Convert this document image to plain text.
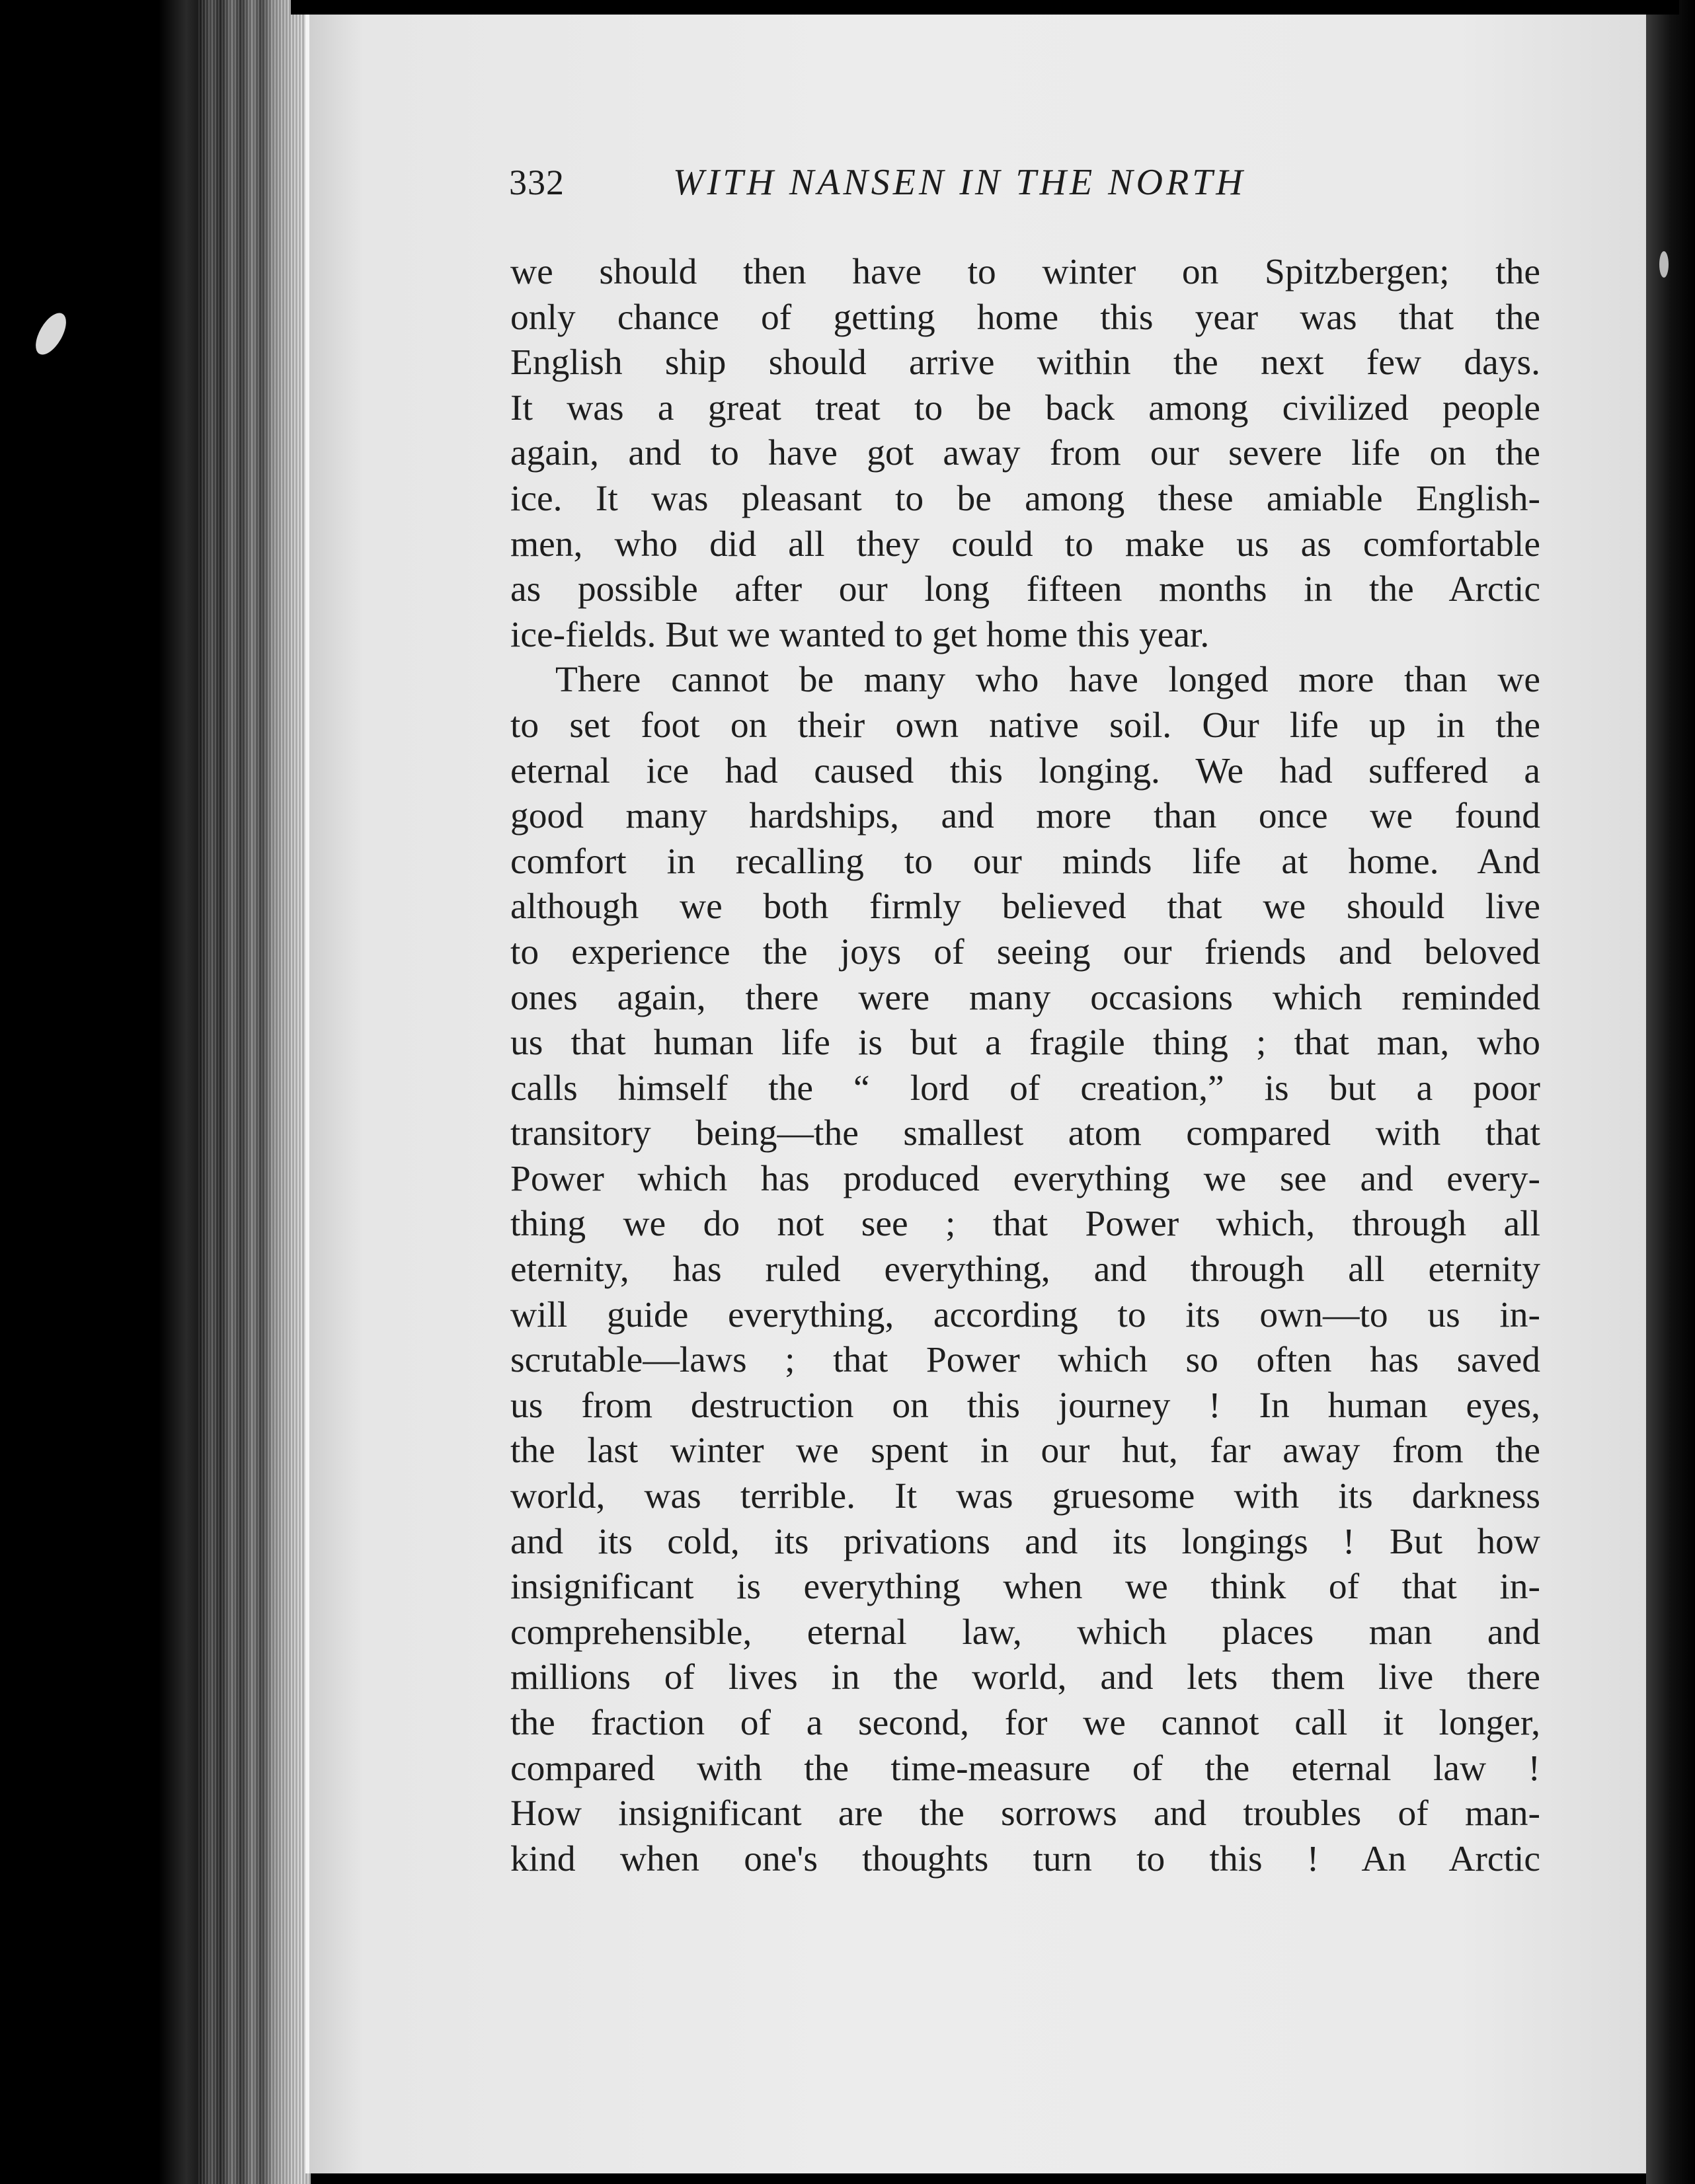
332	WITH NANSEN IN THE NORTH
we should then have to winter on Spitzbergen; the
only chance of getting home this year was that the
English ship should arrive within the next few days.
It was a great treat to be back among civilized people
again, and to have got away from our severe life on the
ice. It was pleasant to be among these amiable English-
men, who did all they could to make us as comfortable
as possible after our long fifteen months in the Arctic
ice-fields. But we wanted to get home this year.
There cannot be many who have longed more than we
to set foot on their own native soil. Our life up in the
eternal ice had caused this longing. We had suffered a
good many hardships, and more than once we found
comfort in recalling to our minds life at home. And
although we both firmly believed that we should live
to experience the joys of seeing our friends and beloved
ones again, there were many occasions which reminded
us that human life is but a fragile thing ; that man, who
calls himself the “ lord of creation,” is but a poor
transitory being—the smallest atom compared with that
Power which has produced everything we see and every-
thing we do not see ; that Power which, through all
eternity, has ruled everything, and through all eternity
will guide everything, according to its own—to us in-
scrutable—laws ; that Power which so often has saved
us from destruction on this journey ! In human eyes,
the last winter we spent in our hut, far away from the
world, was terrible. It was gruesome with its darkness
and its cold, its privations and its longings ! But how
insignificant is everything when we think of that in-
comprehensible, eternal law, which places man and
millions of lives in the world, and lets them live there
the fraction of a second, for we cannot call it longer,
compared with the time-measure of the eternal law !
How insignificant are the sorrows and troubles of man-
kind when one's thoughts turn to this ! An Arctic
